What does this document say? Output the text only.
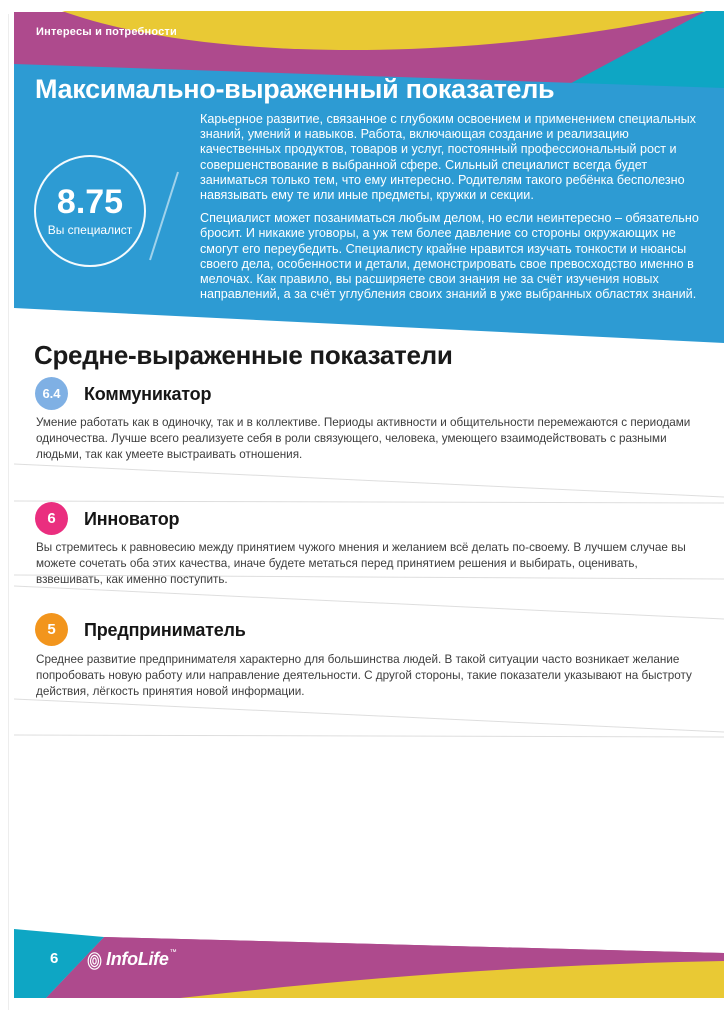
Интересы и потребности
Максимально-выраженный показатель
8.75
Вы специалист

Карьерное развитие, связанное с глубоким освоением и применением специальных знаний, умений и навыков. Работа, включающая создание и реализацию качественных продуктов, товаров и услуг, постоянный профессиональный рост и совершенствование в выбранной сфере. Сильный специалист всегда будет заниматься только тем, что ему интересно. Родителям такого ребёнка бесполезно навязывать ему те или иные предметы, кружки и секции.

Специалист может позаниматься любым делом, но если неинтересно – обязательно бросит. И никакие уговоры, а уж тем более давление со стороны окружающих не смогут его переубедить. Специалисту крайне нравится изучать тонкости и нюансы своего дела, особенности и детали, демонстрировать свое превосходство именно в мелочах. Как правило, вы расширяете свои знания не за счёт изучения новых направлений, а за счёт углубления своих знаний в уже выбранных областях знаний.

Средне-выраженные показатели
6.4	Коммуникатор
Умение работать как в одиночку, так и в коллективе. Периоды активности и общительности перемежаются с периодами одиночества. Лучше всего реализуете себя в роли связующего, человека, умеющего взаимодействовать с разными людьми, так как умеете выстраивать отношения.
6	Инноватор
Вы стремитесь к равновесию между принятием чужого мнения и желанием всё делать по-своему. В лучшем случае вы можете сочетать оба этих качества, иначе будете метаться перед принятием решения и выбирать, оценивать, взвешивать, как именно поступить.
5	Предприниматель
Среднее развитие предпринимателя характерно для большинства людей. В такой ситуации часто возникает желание попробовать новую работу или направление деятельности. С другой стороны, такие показатели указывают на быстроту действия, лёгкость принятия новой информации.
6	InfoLife ™
